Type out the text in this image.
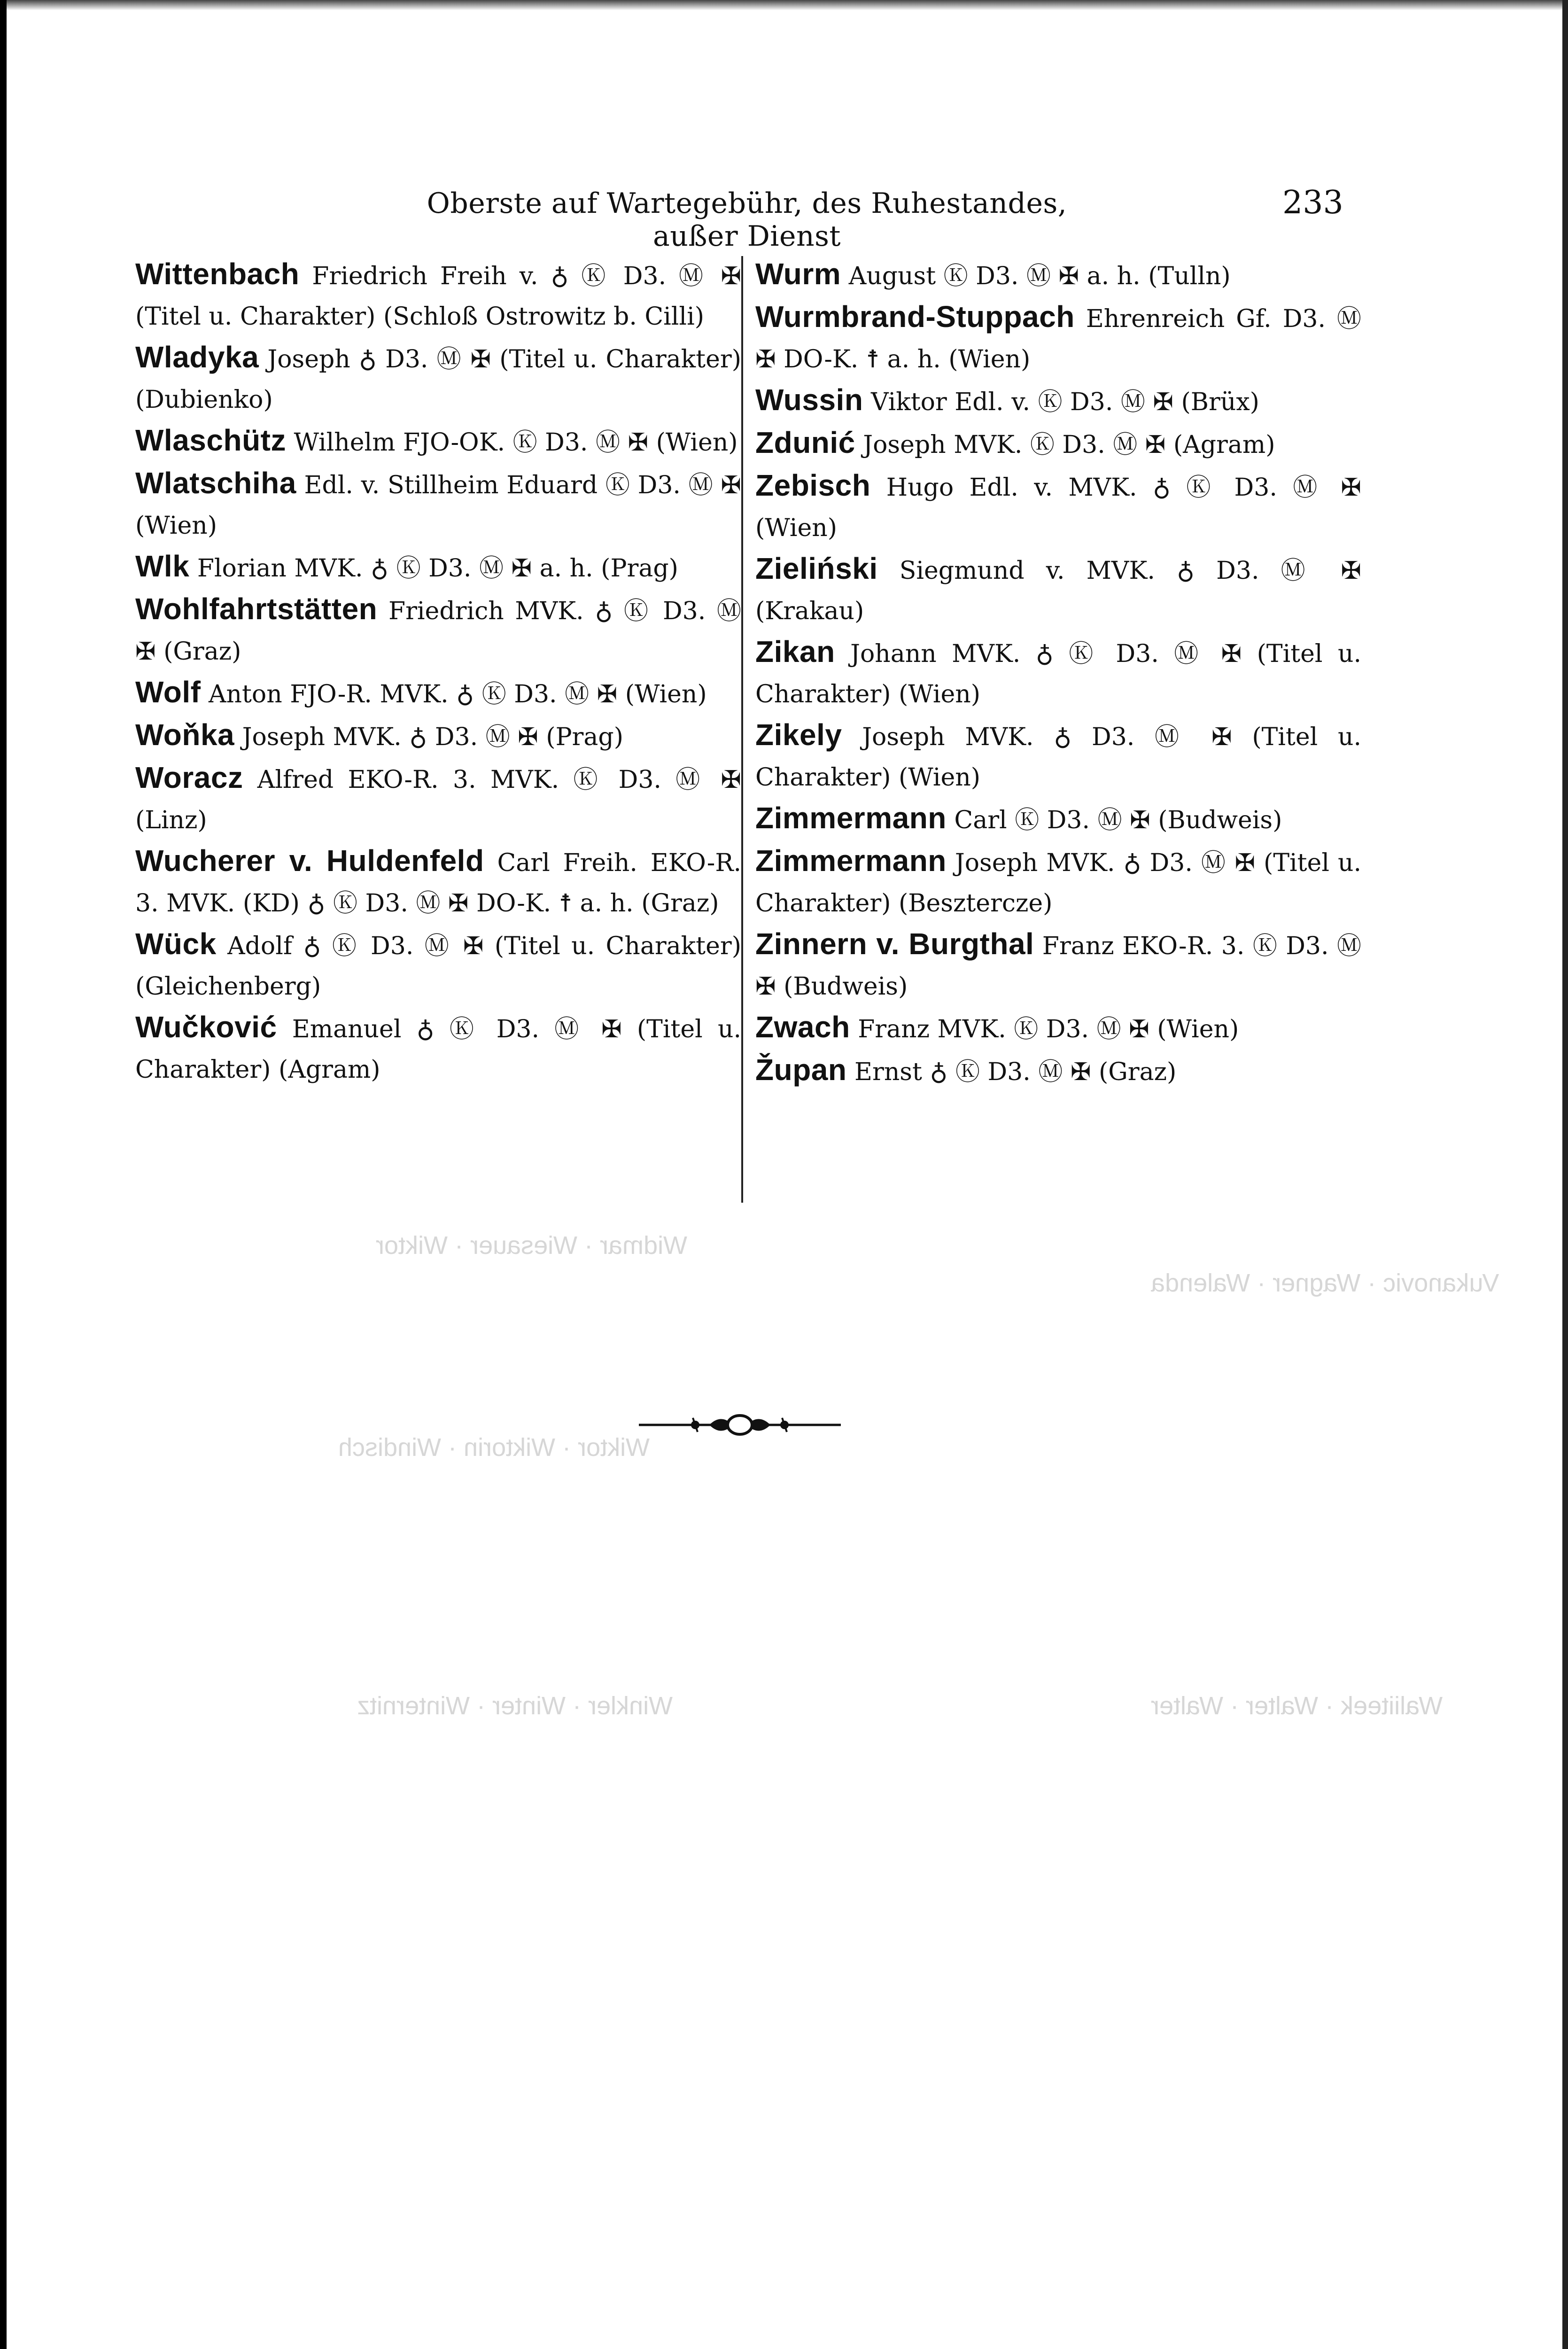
Widmar · Wiesauer · Wiktor
Wiktor · Wiktorin · Windisch
Winkler · Winter · Winternitz
Vukanovic · Wagner · Walenda
Waliiteek · Walter · Walter
Oberste auf Wartegebühr, des Ruhestandes, außer Dienst
233
Wittenbach Friedrich Freih v. ♁ Ⓚ D3. Ⓜ ✠ (Titel u. Charakter) (Schloß Ostrowitz b. Cilli)
Wladyka Joseph ♁ D3. Ⓜ ✠ (Titel u. Charakter) (Dubienko)
Wlaschütz Wilhelm FJO-OK. Ⓚ D3. Ⓜ ✠ (Wien)
Wlatschiha Edl. v. Stillheim Eduard Ⓚ D3. Ⓜ ✠ (Wien)
Wlk Florian MVK. ♁ Ⓚ D3. Ⓜ ✠ a. h. (Prag)
Wohlfahrtstätten Friedrich MVK. ♁ Ⓚ D3. Ⓜ ✠ (Graz)
Wolf Anton FJO-R. MVK. ♁ Ⓚ D3. Ⓜ ✠ (Wien)
Woňka Joseph MVK. ♁ D3. Ⓜ ✠ (Prag)
Woracz Alfred EKO-R. 3. MVK. Ⓚ D3. Ⓜ ✠ (Linz)
Wucherer v. Huldenfeld Carl Freih. EKO-R. 3. MVK. (KD) ♁ Ⓚ D3. Ⓜ ✠ DO-K. ☨ a. h. (Graz)
Wück Adolf ♁ Ⓚ D3. Ⓜ ✠ (Titel u. Charakter) (Gleichenberg)
Wučković Emanuel ♁ Ⓚ D3. Ⓜ ✠ (Titel u. Charakter) (Agram)
Wurm August Ⓚ D3. Ⓜ ✠ a. h. (Tulln)
Wurmbrand-Stuppach Ehrenreich Gf. D3. Ⓜ ✠ DO-K. ☨ a. h. (Wien)
Wussin Viktor Edl. v. Ⓚ D3. Ⓜ ✠ (Brüx)
Zdunić Joseph MVK. Ⓚ D3. Ⓜ ✠ (Agram)
Zebisch Hugo Edl. v. MVK. ♁ Ⓚ D3. Ⓜ ✠ (Wien)
Zieliński Siegmund v. MVK. ♁ D3. Ⓜ ✠ (Krakau)
Zikan Johann MVK. ♁ Ⓚ D3. Ⓜ ✠ (Titel u. Charakter) (Wien)
Zikely Joseph MVK. ♁ D3. Ⓜ ✠ (Titel u. Charakter) (Wien)
Zimmermann Carl Ⓚ D3. Ⓜ ✠ (Budweis)
Zimmermann Joseph MVK. ♁ D3. Ⓜ ✠ (Titel u. Charakter) (Besztercze)
Zinnern v. Burgthal Franz EKO-R. 3. Ⓚ D3. Ⓜ ✠ (Budweis)
Zwach Franz MVK. Ⓚ D3. Ⓜ ✠ (Wien)
Župan Ernst ♁ Ⓚ D3. Ⓜ ✠ (Graz)
